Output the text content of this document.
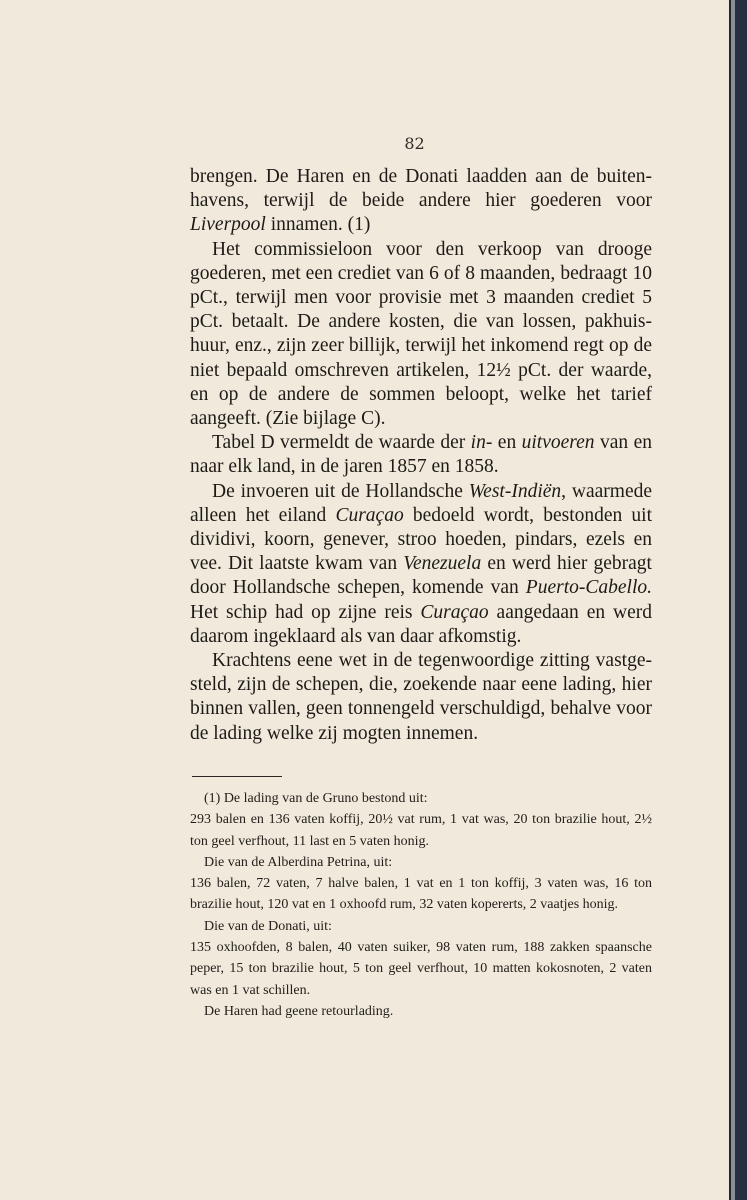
82

brengen. De Haren en de Donati laadden aan de buitenhavens, terwijl de beide andere hier goederen voor Liverpool innamen. (1)

Het commissieloon voor den verkoop van drooge goederen, met een crediet van 6 of 8 maanden, bedraagt 10 pCt., terwijl men voor provisie met 3 maanden crediet 5 pCt. betaalt. De andere kosten, die van lossen, pakhuishuur, enz., zijn zeer billijk, terwijl het inkomend regt op de niet bepaald omschreven artikelen, 12½ pCt. der waarde, en op de andere de sommen beloopt, welke het tarief aangeeft. (Zie bijlage C).

Tabel D vermeldt de waarde der in- en uitvoeren van en naar elk land, in de jaren 1857 en 1858.

De invoeren uit de Hollandsche West-Indiën, waarmede alleen het eiland Curaçao bedoeld wordt, bestonden uit dividivi, koorn, genever, stroo hoeden, pindars, ezels en vee. Dit laatste kwam van Venezuela en werd hier gebragt door Hollandsche schepen, komende van Puerto-Cabello. Het schip had op zijne reis Curaçao aangedaan en werd daarom ingeklaard als van daar afkomstig.

Krachtens eene wet in de tegenwoordige zitting vastgesteld, zijn de schepen, die, zoekende naar eene lading, hier binnen vallen, geen tonnengeld verschuldigd, behalve voor de lading welke zij mogten innemen.

(1) De lading van de Gruno bestond uit:

293 balen en 136 vaten koffij, 20½ vat rum, 1 vat was, 20 ton brazilie hout, 2½ ton geel verfhout, 11 last en 5 vaten honig.

Die van de Alberdina Petrina, uit:

136 balen, 72 vaten, 7 halve balen, 1 vat en 1 ton koffij, 3 vaten was, 16 ton brazilie hout, 120 vat en 1 oxhoofd rum, 32 vaten kopererts, 2 vaatjes honig.

Die van de Donati, uit:

135 oxhoofden, 8 balen, 40 vaten suiker, 98 vaten rum, 188 zakken spaansche peper, 15 ton brazilie hout, 5 ton geel verfhout, 10 matten kokosnoten, 2 vaten was en 1 vat schillen.

De Haren had geene retourlading.
